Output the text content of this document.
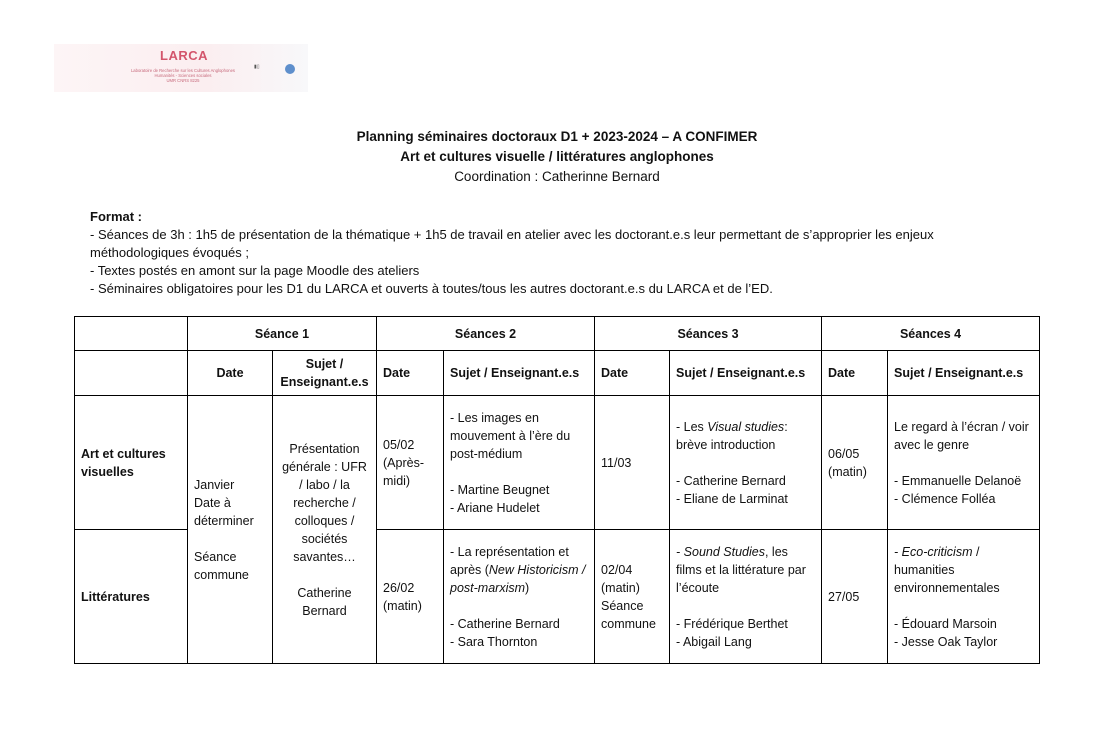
LARCA
Laboratoire de Recherche sur les Cultures Anglophones
Humanités - Sciences sociales
UMR CNRS 8225
▮▯
Planning séminaires doctoraux D1 + 2023-2024 – A CONFIMER
Art et cultures visuelle / littératures anglophones
Coordination : Catherinne Bernard
Format :
- Séances de 3h : 1h5 de présentation de la thématique + 1h5 de travail en atelier avec les doctorant.e.s leur permettant de s’approprier les enjeux méthodologiques évoqués ;
- Textes postés en amont sur la page Moodle des ateliers
- Séminaires obligatoires pour les D1 du LARCA et ouverts à toutes/tous les autres doctorant.e.s du LARCA et de l’ED.
	Séance 1		Séances 2		Séances 3		Séances 4	
	Date	Sujet / Enseignant.e.s	Date	Sujet / Enseignant.e.s	Date	Sujet / Enseignant.e.s	Date	Sujet / Enseignant.e.s
Art et cultures visuelles	Janvier
Date à déterminer

Séance commune	Présentation générale : UFR / labo / la recherche / colloques / sociétés savantes…

Catherine Bernard	05/02
(Après-midi)	- Les images en mouvement à l’ère du post-médium

- Martine Beugnet
- Ariane Hudelet	11/03	- Les Visual studies: brève introduction

- Catherine Bernard
- Eliane de Larminat	06/05
(matin)	Le regard à l’écran / voir avec le genre

- Emmanuelle Delanoë
- Clémence Folléa
Littératures			26/02
(matin)	- La représentation et après (New Historicism / post-marxism)

- Catherine Bernard
- Sara Thornton	02/04
(matin)
Séance commune	- Sound Studies, les films et la littérature par l’écoute

- Frédérique Berthet
- Abigail Lang	27/05	- Eco-criticism / humanities environnementales

- Édouard Marsoin
- Jesse Oak Taylor
